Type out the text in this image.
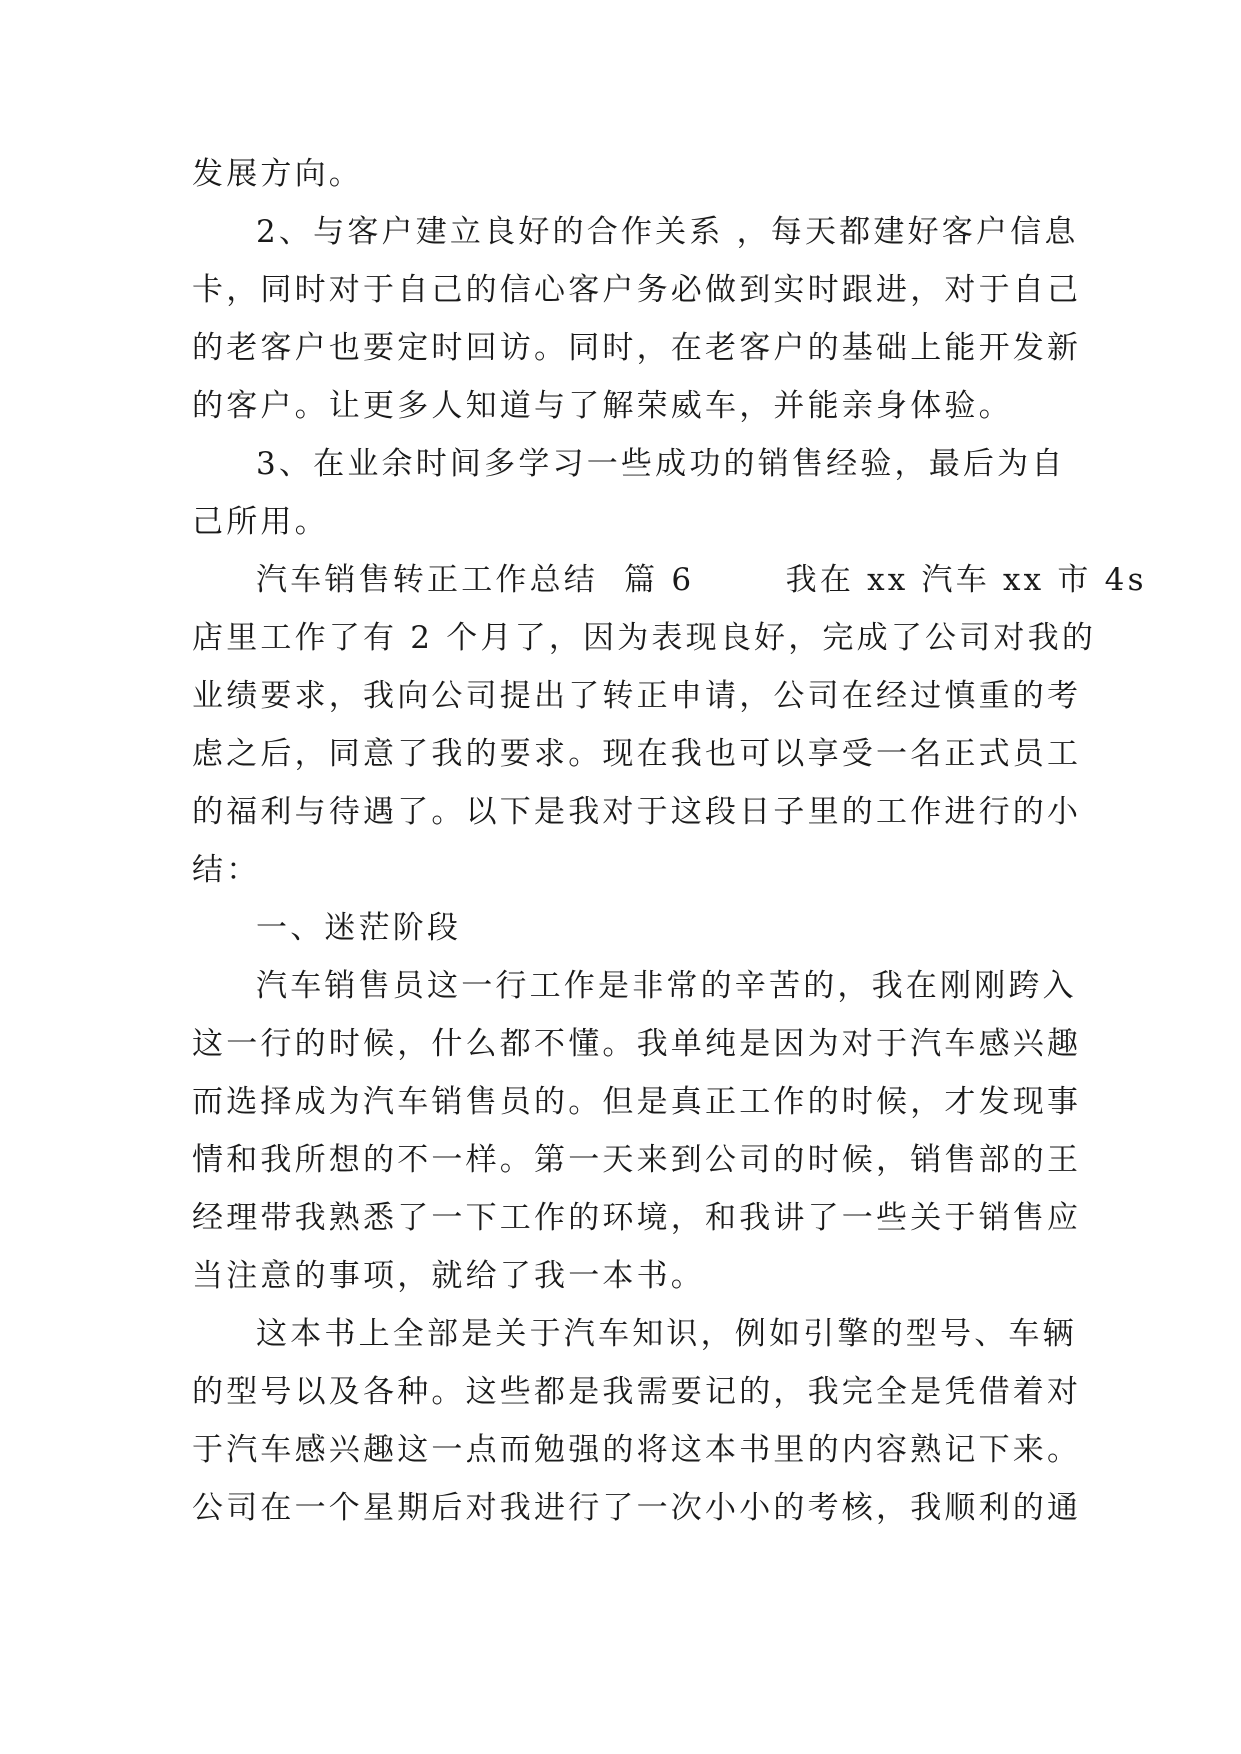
发展方向。
2、与客户建立良好的合作关系 ，每天都建好客户信息
卡，同时对于自己的信心客户务必做到实时跟进，对于自己
的老客户也要定时回访。同时，在老客户的基础上能开发新
的客户。让更多人知道与了解荣威车，并能亲身体验。
3、在业余时间多学习一些成功的销售经验，最后为自
己所用。
汽车销售转正工作总结  篇 6       我在 xx 汽车 xx 市 4s
店里工作了有 2 个月了，因为表现良好，完成了公司对我的
业绩要求，我向公司提出了转正申请，公司在经过慎重的考
虑之后，同意了我的要求。现在我也可以享受一名正式员工
的福利与待遇了。以下是我对于这段日子里的工作进行的小
结：
一、迷茫阶段
汽车销售员这一行工作是非常的辛苦的，我在刚刚跨入
这一行的时候，什么都不懂。我单纯是因为对于汽车感兴趣
而选择成为汽车销售员的。但是真正工作的时候，才发现事
情和我所想的不一样。第一天来到公司的时候，销售部的王
经理带我熟悉了一下工作的环境，和我讲了一些关于销售应
当注意的事项，就给了我一本书。
这本书上全部是关于汽车知识，例如引擎的型号、车辆
的型号以及各种。这些都是我需要记的，我完全是凭借着对
于汽车感兴趣这一点而勉强的将这本书里的内容熟记下来。
公司在一个星期后对我进行了一次小小的考核，我顺利的通
